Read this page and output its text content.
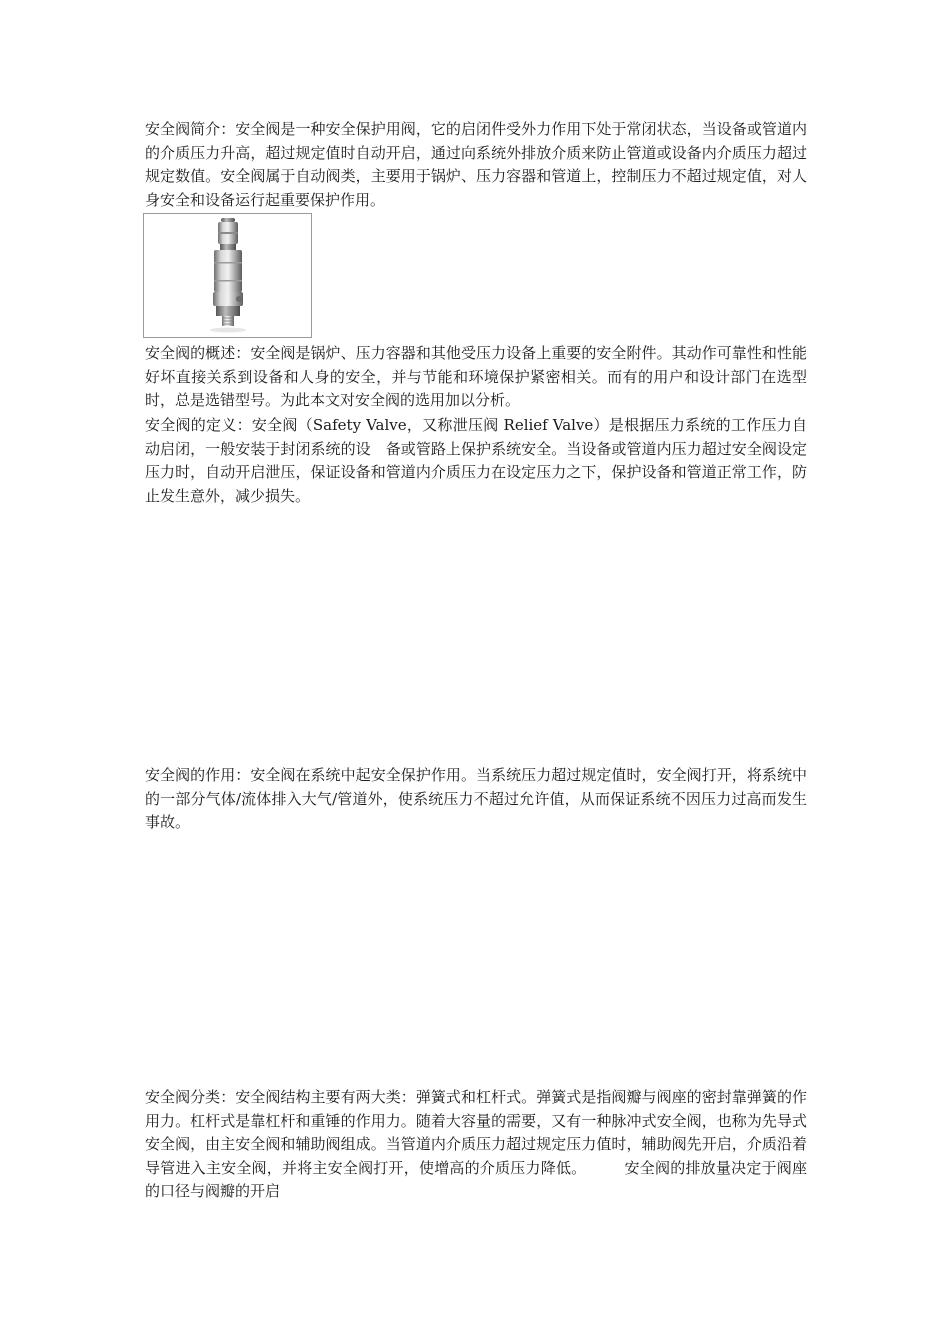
安全阀简介：安全阀是一种安全保护用阀，它的启闭件受外力作用下处于常闭状态，当设备或管道内的介质压力升高，超过规定值时自动开启，通过向系统外排放介质来防止管道或设备内介质压力超过规定数值。安全阀属于自动阀类，主要用于锅炉、压力容器和管道上，控制压力不超过规定值，对人身安全和设备运行起重要保护作用。

安全阀的概述：安全阀是锅炉、压力容器和其他受压力设备上重要的安全附件。其动作可靠性和性能好坏直接关系到设备和人身的安全，并与节能和环境保护紧密相关。而有的用户和设计部门在选型时，总是选错型号。为此本文对安全阀的选用加以分析。

安全阀的定义：安全阀（Safety Valve，又称泄压阀 Relief Valve）是根据压力系统的工作压力自动启闭，一般安装于封闭系统的设　备或管路上保护系统安全。当设备或管道内压力超过安全阀设定压力时，自动开启泄压，保证设备和管道内介质压力在设定压力之下，保护设备和管道正常工作，防止发生意外，减少损失。

安全阀的作用：安全阀在系统中起安全保护作用。当系统压力超过规定值时，安全阀打开，将系统中的一部分气体/流体排入大气/管道外，使系统压力不超过允许值，从而保证系统不因压力过高而发生事故。

安全阀分类：安全阀结构主要有两大类：弹簧式和杠杆式。弹簧式是指阀瓣与阀座的密封靠弹簧的作用力。杠杆式是靠杠杆和重锤的作用力。随着大容量的需要，又有一种脉冲式安全阀，也称为先导式安全阀，由主安全阀和辅助阀组成。当管道内介质压力超过规定压力值时，辅助阀先开启，介质沿着导管进入主安全阀，并将主安全阀打开，使增高的介质压力降低。　　　安全阀的排放量决定于阀座的口径与阀瓣的开启
